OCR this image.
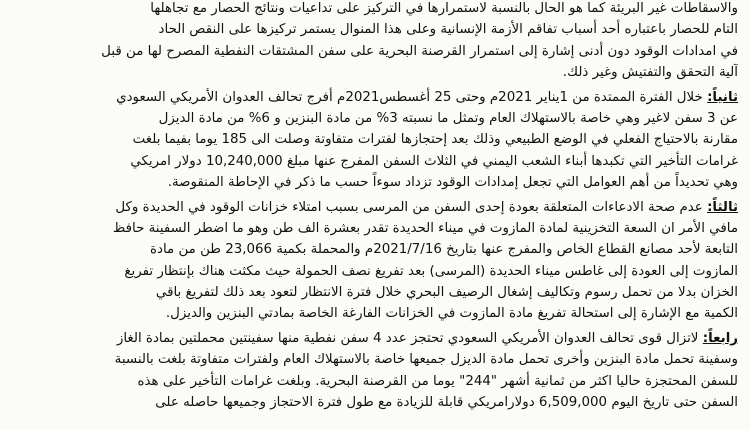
والاسقاطات غير البريئة كما هو الحال بالنسبة لاستمرارها في التركيز على تداعيات ونتائج الحصار مع تجاهلها
التام للحصار باعتباره أحد أسباب تفاقم الأزمة الإنسانية وعلى هذا المنوال يستمر تركيزها على النقص الحاد
في امدادات الوقود دون أدنى إشارة إلى استمرار القرصنة البحرية على سفن المشتقات النفطية المصرح لها من قبل
آلية التحقق والتفتيش وغير ذلك.
ثانياً: خلال الفترة الممتدة من 1يناير 2021م وحتى 25 أغسطس2021م أفرج تحالف العدوان الأمريكي السعودي
عن 3 سفن لاغير وهي خاصة بالاستهلاك العام وتمثل ما نسبته 3% من مادة البنزين و 6% من مادة الديزل
مقارنة بالاحتياج الفعلي في الوضع الطبيعي وذلك بعد إحتجازها لفترات متفاوتة وصلت الى 185 يوما بفيما بلغت
غرامات التأخير التي تكبدها أبناء الشعب اليمني في الثلاث السفن المفرج عنها مبلغ 10,240,000 دولار امريكي
وهي تحديداً من أهم العوامل التي تجعل إمدادات الوقود تزداد سوءاً حسب ما ذكر في الإحاطة المنقوصة.
ثالثاً: عدم صحة الادعاءات المتعلقة بعودة إحدى السفن من المرسى بسبب امتلاء خزانات الوقود في الحديدة وكل
مافي الأمر ان السعة التخزينية لمادة المازوت في ميناء الحديدة تقدر بعشرة الف طن وهو ما اضطر السفينة حافظ
التابعة لأحد مصانع القطاع الخاص والمفرج عنها بتاريخ 2021/7/16م والمحملة بكمية 23,066 طن من مادة
المازوت إلى العودة إلى غاطس ميناء الحديدة (المرسى) بعد تفريغ نصف الحمولة حيث مكثت هناك بإنتظار تفريغ
الخزان بدلا من تحمل رسوم وتكاليف إشغال الرصيف البحري خلال فترة الانتظار لتعود بعد ذلك لتفريغ باقي
الكمية مع الإشارة إلى استحالة تفريغ مادة المازوت في الخزانات الفارغة الخاصة بمادتي البنزين والديزل.
رابعاً: لاتزال قوى تحالف العدوان الأمريكي السعودي تحتجز عدد 4 سفن نفطية منها سفينتين محملتين بمادة الغاز
وسفينة تحمل مادة البنزين وأخرى تحمل مادة الديزل جميعها خاصة بالاستهلاك العام ولفترات متفاوتة بلغت بالنسبة
للسفن المحتجزة حاليا اكثر من ثمانية أشهر "244" يوما من القرصنة البحرية. وبلغت غرامات التأخير على هذه
السفن حتى تاريخ اليوم 6,509,000 دولارامريكي قابلة للزيادة مع طول فترة الاحتجاز وجميعها حاصله على
